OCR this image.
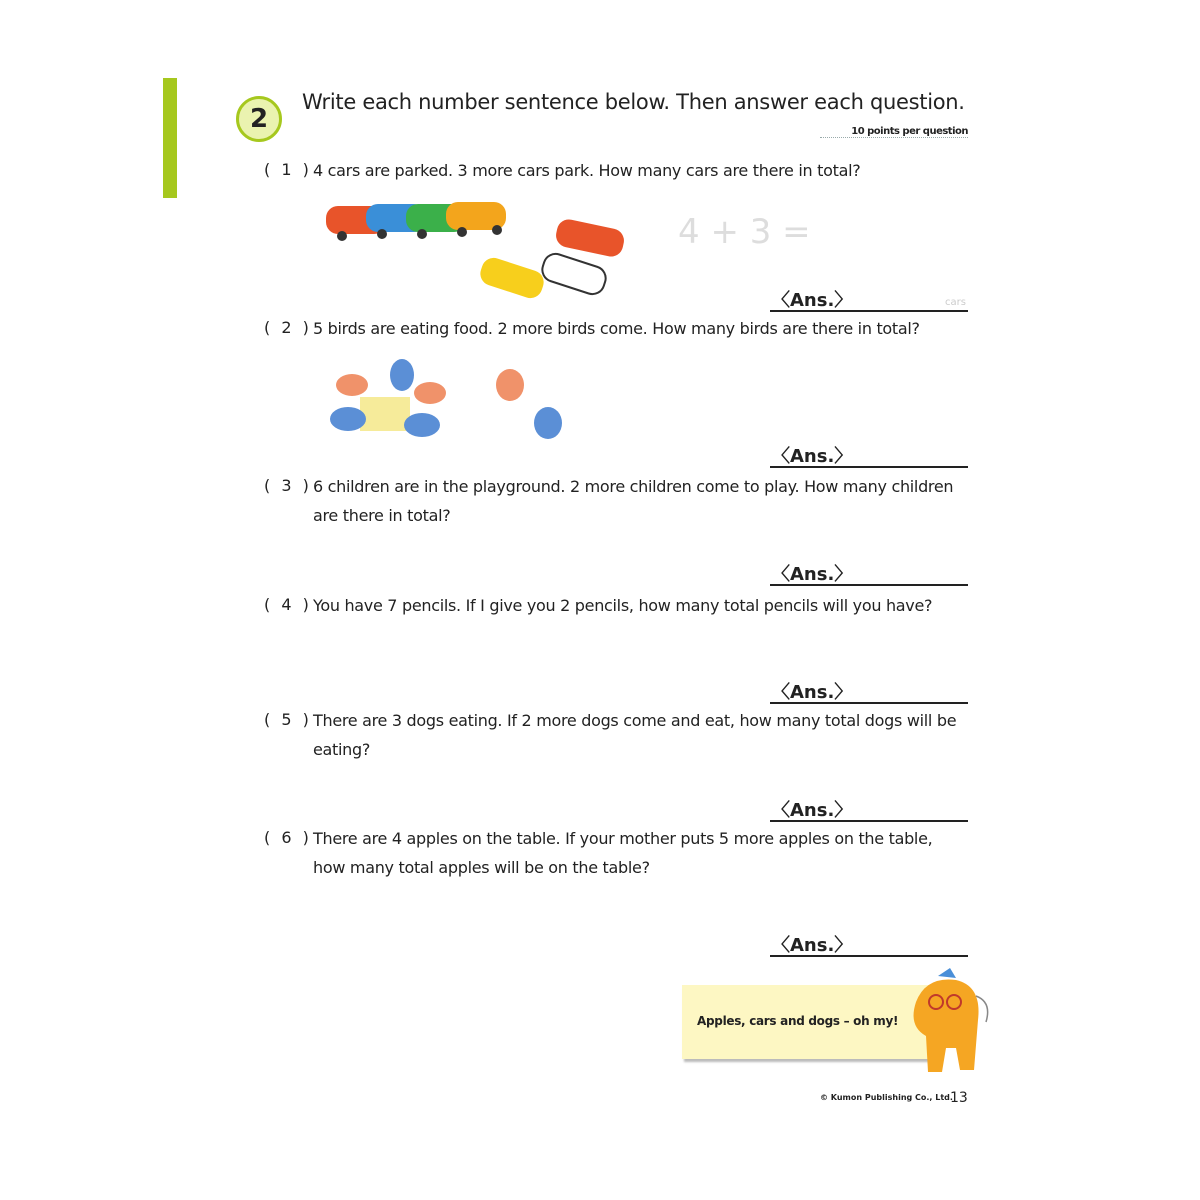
2
Write each number sentence below. Then answer each question.
10 points per question
( 1 ) 4 cars are parked. 3 more cars park. How many cars are there in total?
4 + 3 =
〈Ans.〉	cars
( 2 ) 5 birds are eating food. 2 more birds come. How many birds are there in total?
〈Ans.〉
( 3 ) 6 children are in the playground. 2 more children come to play. How many children are there in total?
〈Ans.〉
( 4 ) You have 7 pencils. If I give you 2 pencils, how many total pencils will you have?
〈Ans.〉
( 5 ) There are 3 dogs eating. If 2 more dogs come and eat, how many total dogs will be eating?
〈Ans.〉
( 6 ) There are 4 apples on the table. If your mother puts 5 more apples on the table, how many total apples will be on the table?
〈Ans.〉
Apples, cars and dogs – oh my!
© Kumon Publishing Co., Ltd.
13
